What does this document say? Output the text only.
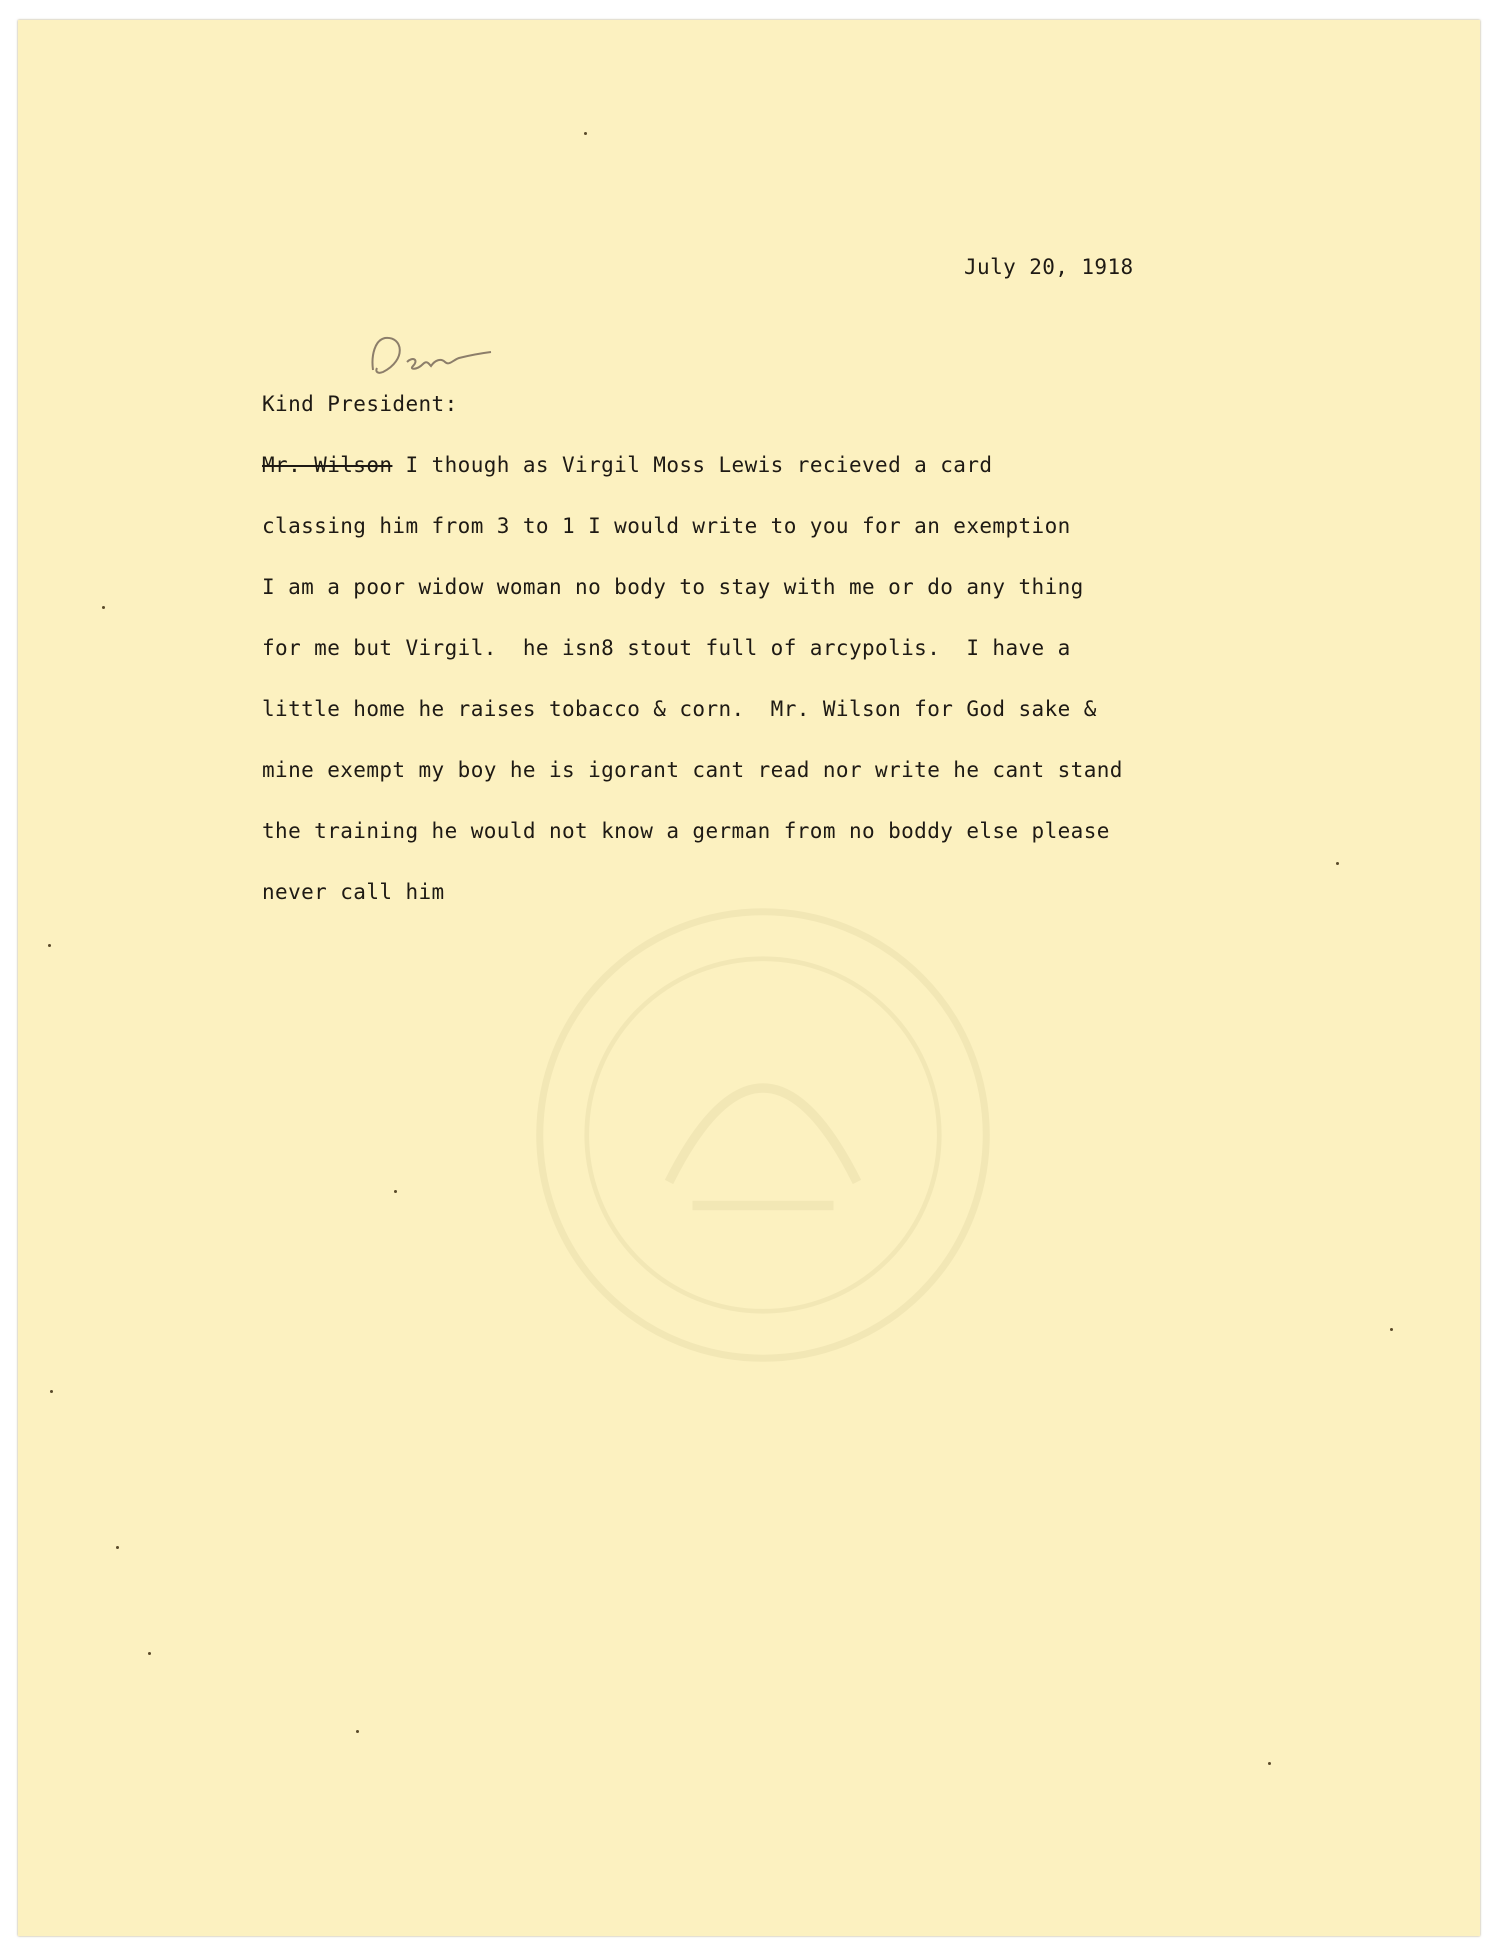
July 20, 1918
Kind President:
Mr. Wilson I though as Virgil Moss Lewis recieved a card
classing him from 3 to 1 I would write to you for an exemption
I am a poor widow woman no body to stay with me or do any thing
for me but Virgil.  he isn8 stout full of arcypolis.  I have a
little home he raises tobacco & corn.  Mr. Wilson for God sake &
mine exempt my boy he is igorant cant read nor write he cant stand
the training he would not know a german from no boddy else please
never call him
